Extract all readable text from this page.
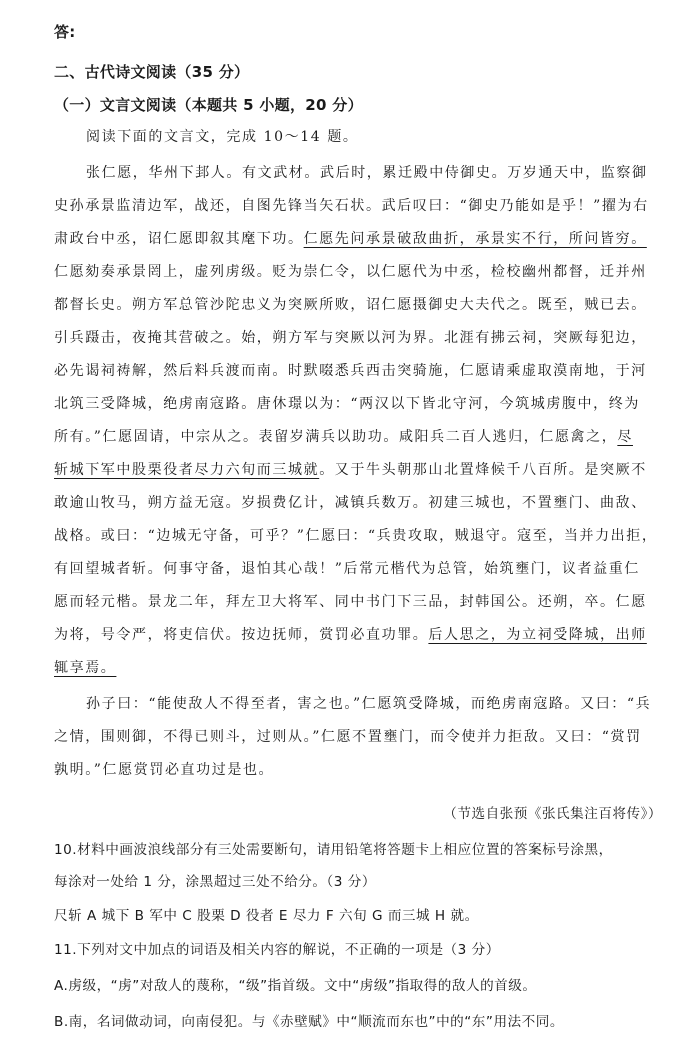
答:
二、古代诗文阅读（35 分）
（一）文言文阅读（本题共 5 小题，20 分）
阅读下面的文言文，完成 10～14 题。
张仁愿，华州下邽人。有文武材。武后时，累迁殿中侍御史。万岁通天中，监察御
史孙承景监清边军，战还，自图先锋当矢石状。武后叹曰：“御史乃能如是乎！”擢为右
肃政台中丞，诏仁愿即叙其麾下功。仁愿先问承景破敌曲折，承景实不行，所问皆穷。
仁愿劾奏承景罔上，虚列虏级。贬为崇仁令，以仁愿代为中丞，检校幽州都督，迁并州
都督长史。朔方军总管沙陀忠义为突厥所败，诏仁愿摄御史大夫代之。既至，贼已去。
引兵蹑击，夜掩其营破之。始，朔方军与突厥以河为界。北涯有拂云祠，突厥每犯边，
必先谒祠祷解，然后料兵渡而南。时默啜悉兵西击突骑施，仁愿请乘虚取漠南地，于河
北筑三受降城，绝虏南寇路。唐休璟以为：“两汉以下皆北守河，今筑城虏腹中，终为
所有。”仁愿固请，中宗从之。表留岁满兵以助功。咸阳兵二百人逃归，仁愿禽之，尽
斩城下军中股栗役者尽力六旬而三城就。又于牛头朝那山北置烽候千八百所。是突厥不
敢逾山牧马，朔方益无寇。岁损费亿计，减镇兵数万。初建三城也，不置壅门、曲敌、
战格。或曰：“边城无守备，可乎？”仁愿曰：“兵贵攻取，贼退守。寇至，当并力出拒，
有回望城者斩。何事守备，退怕其心哉！”后常元楷代为总管，始筑壅门，议者益重仁
愿而轻元楷。景龙二年，拜左卫大将军、同中书门下三品，封韩国公。还朔，卒。仁愿
为将，号令严，将吏信伏。按边抚师，赏罚必直功罪。后人思之，为立祠受降城，出师
辄享焉。
孙子曰：“能使敌人不得至者，害之也。”仁愿筑受降城，而绝虏南寇路。又曰：“兵
之情，围则御，不得已则斗，过则从。”仁愿不置壅门，而令使并力拒敌。又曰：“赏罚
孰明。”仁愿赏罚必直功过是也。
（节选自张预《张氏集注百将传》）
10.材料中画波浪线部分有三处需要断句，请用铅笔将答题卡上相应位置的答案标号涂黑，
每涂对一处给 1 分，涂黑超过三处不给分。（3 分）
尺斩 A 城下 B 军中 C 股栗 D 役者 E 尽力 F 六旬 G 而三城 H 就。
11.下列对文中加点的词语及相关内容的解说，不正确的一项是（3 分）
A.虏级，“虏”对敌人的蔑称，“级”指首级。文中“虏级”指取得的敌人的首级。
B.南，名词做动词，向南侵犯。与《赤壁赋》中“顺流而东也”中的“东”用法不同。
